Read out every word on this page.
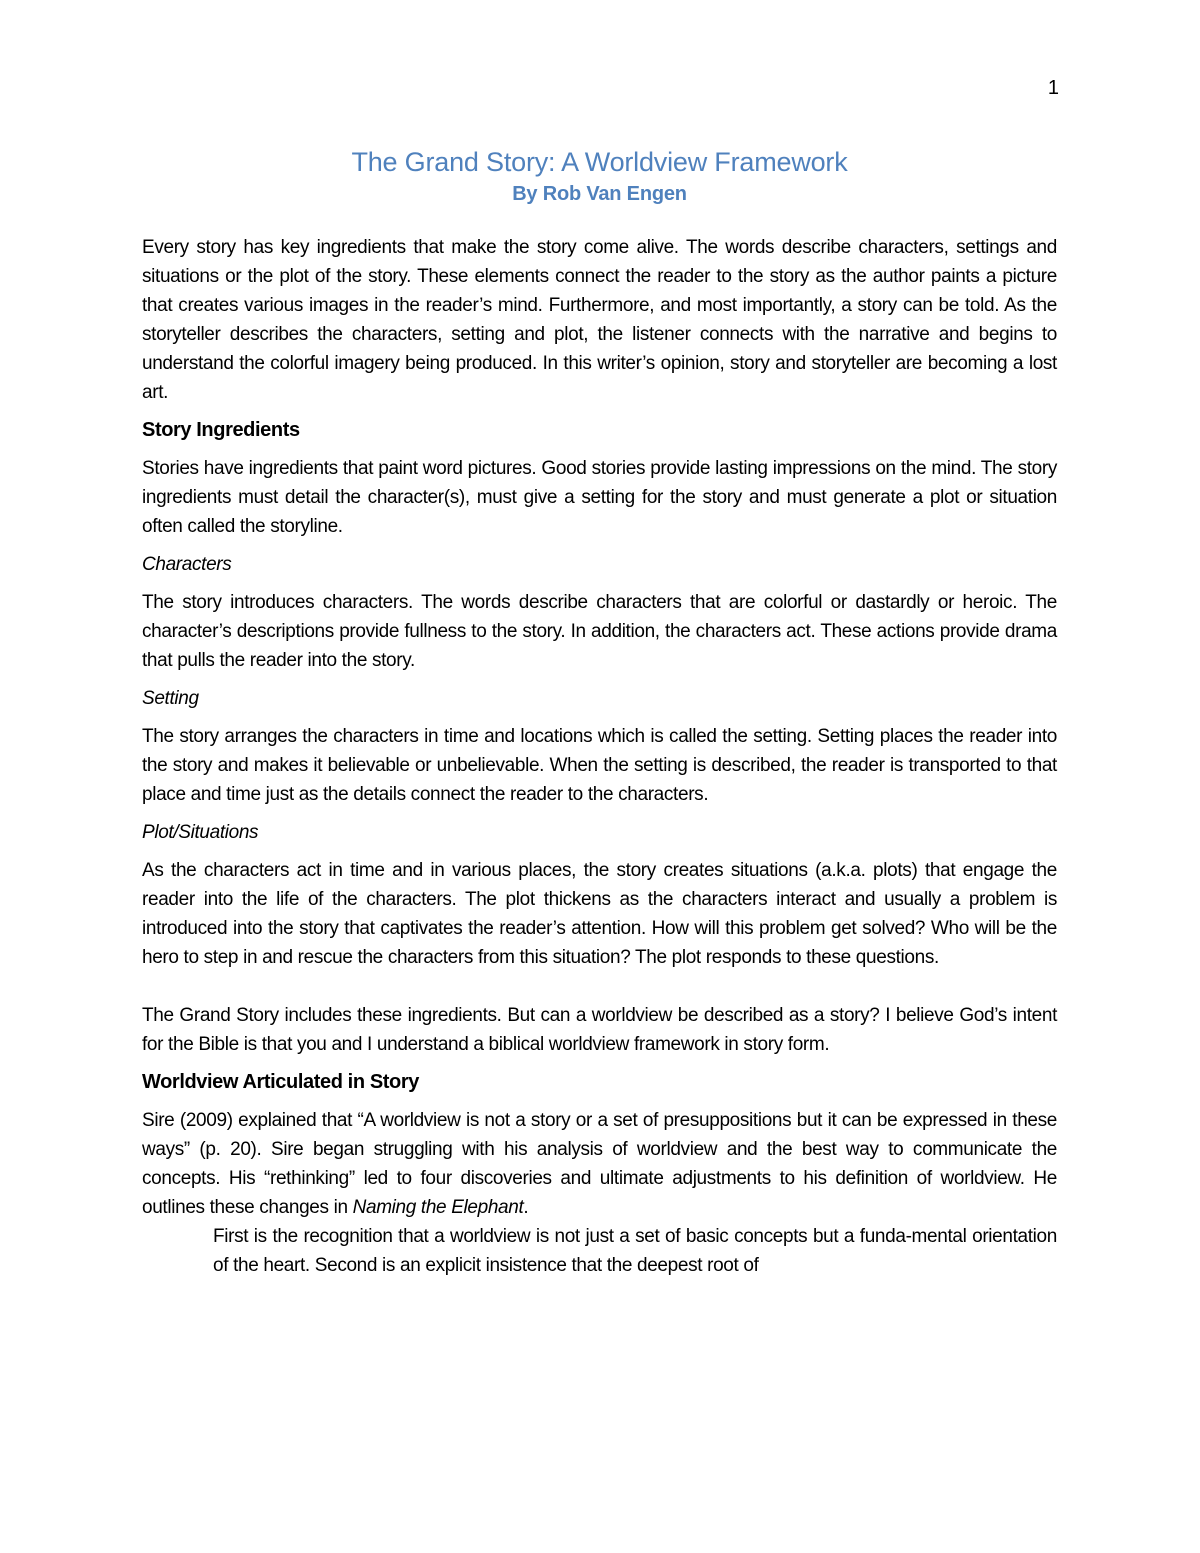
1
The Grand Story: A Worldview Framework
By Rob Van Engen

Every story has key ingredients that make the story come alive. The words describe characters, settings and situations or the plot of the story. These elements connect the reader to the story as the author paints a picture that creates various images in the reader’s mind. Furthermore, and most importantly, a story can be told. As the storyteller describes the characters, setting and plot, the listener connects with the narrative and begins to understand the colorful imagery being produced. In this writer’s opinion, story and storyteller are becoming a lost art.

Story Ingredients

Stories have ingredients that paint word pictures. Good stories provide lasting impressions on the mind. The story ingredients must detail the character(s), must give a setting for the story and must generate a plot or situation often called the storyline.

Characters

The story introduces characters. The words describe characters that are colorful or dastardly or heroic. The character’s descriptions provide fullness to the story. In addition, the characters act. These actions provide drama that pulls the reader into the story.

Setting

The story arranges the characters in time and locations which is called the setting. Setting places the reader into the story and makes it believable or unbelievable. When the setting is described, the reader is transported to that place and time just as the details connect the reader to the characters.

Plot/Situations

As the characters act in time and in various places, the story creates situations (a.k.a. plots) that engage the reader into the life of the characters. The plot thickens as the characters interact and usually a problem is introduced into the story that captivates the reader’s attention. How will this problem get solved? Who will be the hero to step in and rescue the characters from this situation? The plot responds to these questions.

The Grand Story includes these ingredients. But can a worldview be described as a story? I believe God’s intent for the Bible is that you and I understand a biblical worldview framework in story form.

Worldview Articulated in Story

Sire (2009) explained that “A worldview is not a story or a set of presuppositions but it can be expressed in these ways” (p. 20). Sire began struggling with his analysis of worldview and the best way to communicate the concepts. His “rethinking” led to four discoveries and ultimate adjustments to his definition of worldview. He outlines these changes in Naming the Elephant.

First is the recognition that a worldview is not just a set of basic concepts but a funda-mental orientation of the heart. Second is an explicit insistence that the deepest root of
